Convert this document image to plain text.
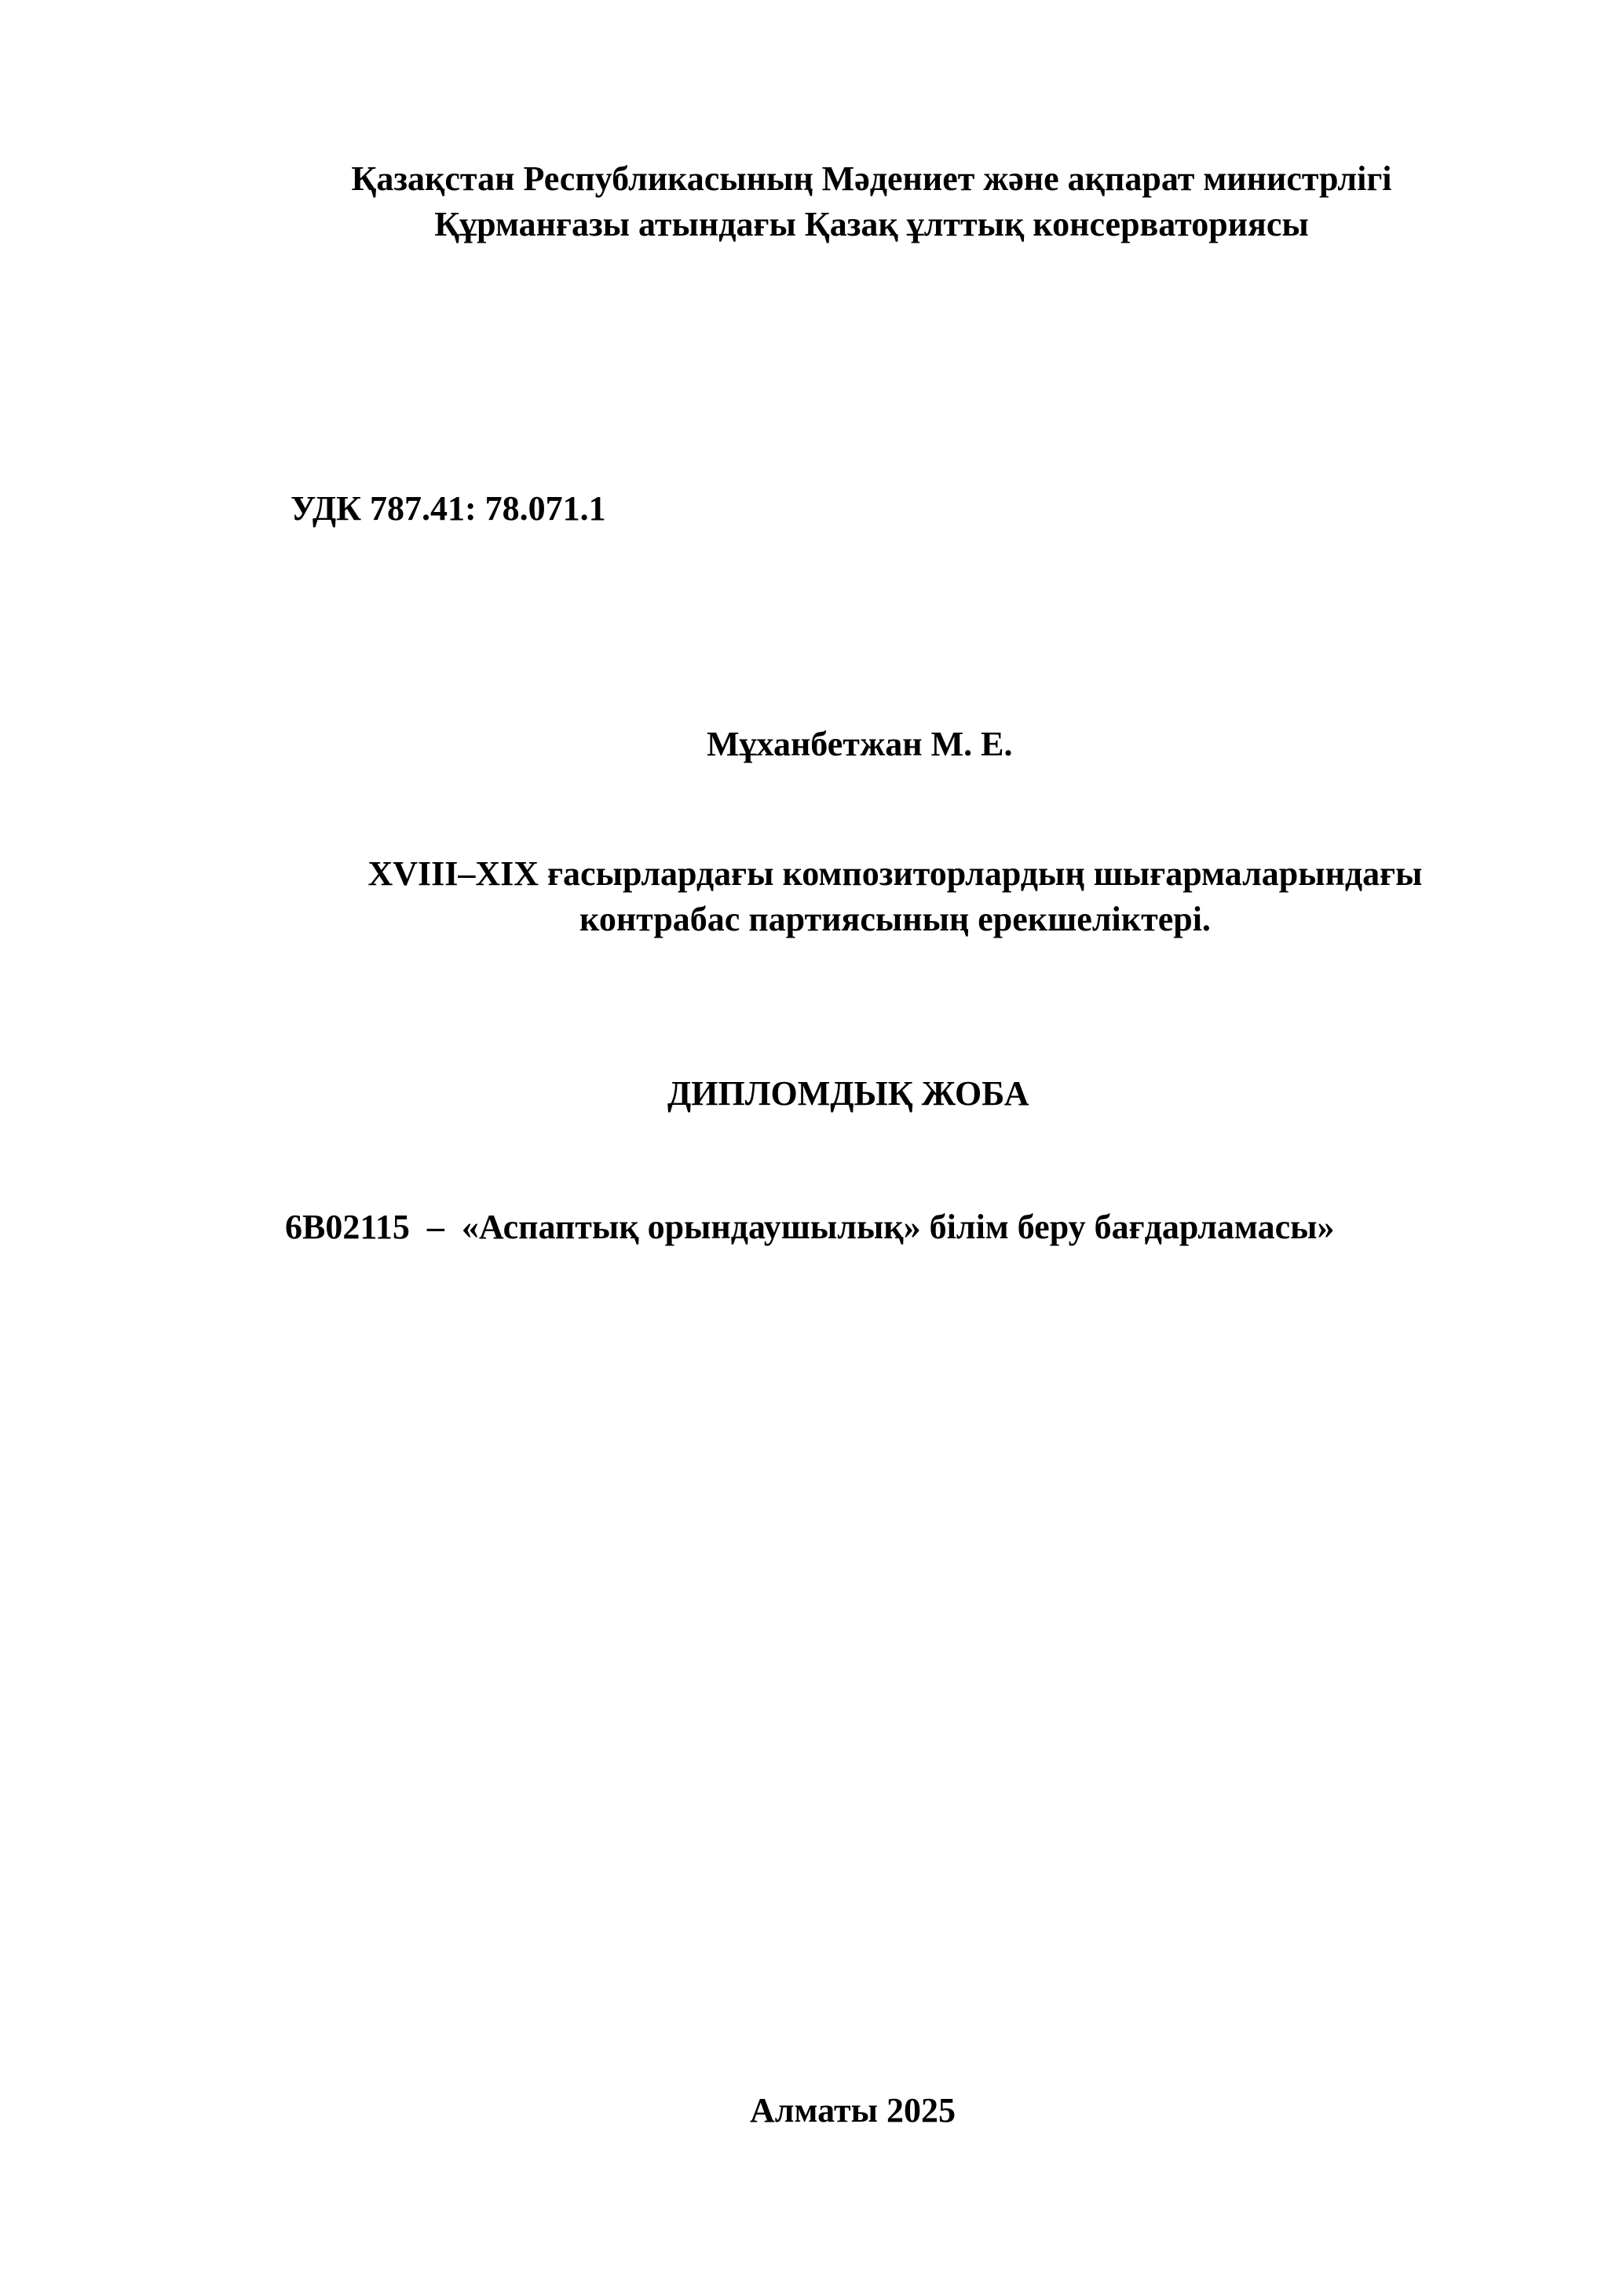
Қазақстан Республикасының Мәдениет және ақпарат министрлігі
Құрманғазы атындағы Қазақ ұлттық консерваториясы
УДК 787.41: 78.071.1
Мұханбетжан М. Е.
XVIII–XIX ғасырлардағы композиторлардың шығармаларындағы
контрабас партиясының ерекшеліктері.
ДИПЛОМДЫҚ ЖОБА
6B02115  –  «Аспаптық орындаушылық» білім беру бағдарламасы»
Алматы 2025
